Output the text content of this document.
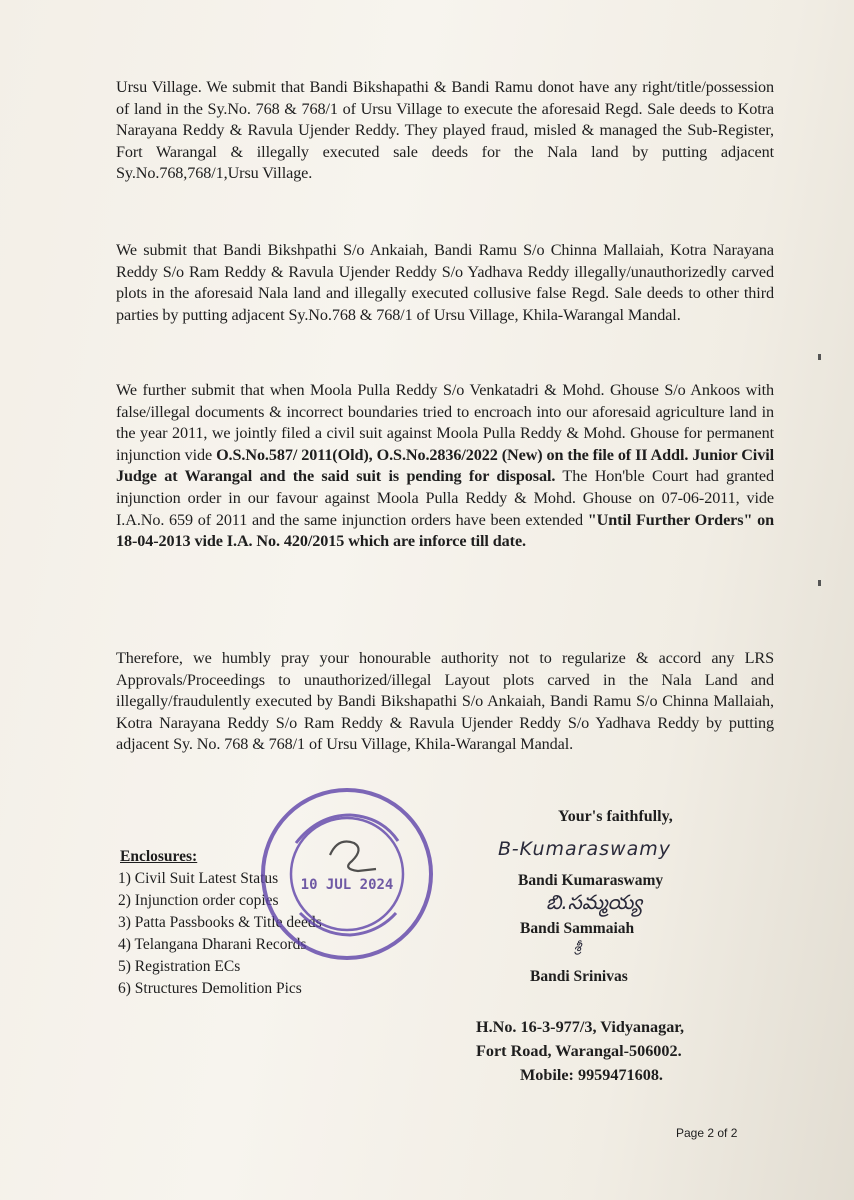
Ursu Village. We submit that Bandi Bikshapathi & Bandi Ramu donot have any right/title/possession of land in the Sy.No. 768 & 768/1 of Ursu Village to execute the aforesaid Regd. Sale deeds to Kotra Narayana Reddy & Ravula Ujender Reddy. They played fraud, misled & managed the Sub-Register, Fort Warangal & illegally executed sale deeds for the Nala land by putting adjacent Sy.No.768,768/1,Ursu Village.

We submit that Bandi Bikshpathi S/o Ankaiah, Bandi Ramu S/o Chinna Mallaiah, Kotra Narayana Reddy S/o Ram Reddy & Ravula Ujender Reddy S/o Yadhava Reddy illegally/unauthorizedly carved plots in the aforesaid Nala land and illegally executed collusive false Regd. Sale deeds to other third parties by putting adjacent Sy.No.768 & 768/1 of Ursu Village, Khila-Warangal Mandal.

We further submit that when Moola Pulla Reddy S/o Venkatadri & Mohd. Ghouse S/o Ankoos with false/illegal documents & incorrect boundaries tried to encroach into our aforesaid agriculture land in the year 2011, we jointly filed a civil suit against Moola Pulla Reddy & Mohd. Ghouse for permanent injunction vide O.S.No.587/ 2011(Old), O.S.No.2836/2022 (New) on the file of II Addl. Junior Civil Judge at Warangal and the said suit is pending for disposal. The Hon'ble Court had granted injunction order in our favour against Moola Pulla Reddy & Mohd. Ghouse on 07-06-2011, vide I.A.No. 659 of 2011 and the same injunction orders have been extended "Until Further Orders" on 18-04-2013 vide I.A. No. 420/2015 which are inforce till date.

Therefore, we humbly pray your honourable authority not to regularize & accord any LRS Approvals/Proceedings to unauthorized/illegal Layout plots carved in the Nala Land and illegally/fraudulently executed by Bandi Bikshapathi S/o Ankaiah, Bandi Ramu S/o Chinna Mallaiah, Kotra Narayana Reddy S/o Ram Reddy & Ravula Ujender Reddy S/o Yadhava Reddy by putting adjacent Sy. No. 768 & 768/1 of Ursu Village, Khila-Warangal Mandal.

Enclosures:

1) Civil Suit Latest Status
2) Injunction order copies
3) Patta Passbooks & Title deeds
4) Telangana Dharani Records
5) Registration ECs
6) Structures Demolition Pics

Your's faithfully,

B-Kumaraswamy

Bandi Kumaraswamy

బి.సమ్మయ్య

Bandi Sammaiah

శ్రీ

Bandi Srinivas

H.No. 16-3-977/3, Vidyanagar,

Fort Road, Warangal-506002.

Mobile: 9959471608.

10 JUL 2024

Page 2 of 2
